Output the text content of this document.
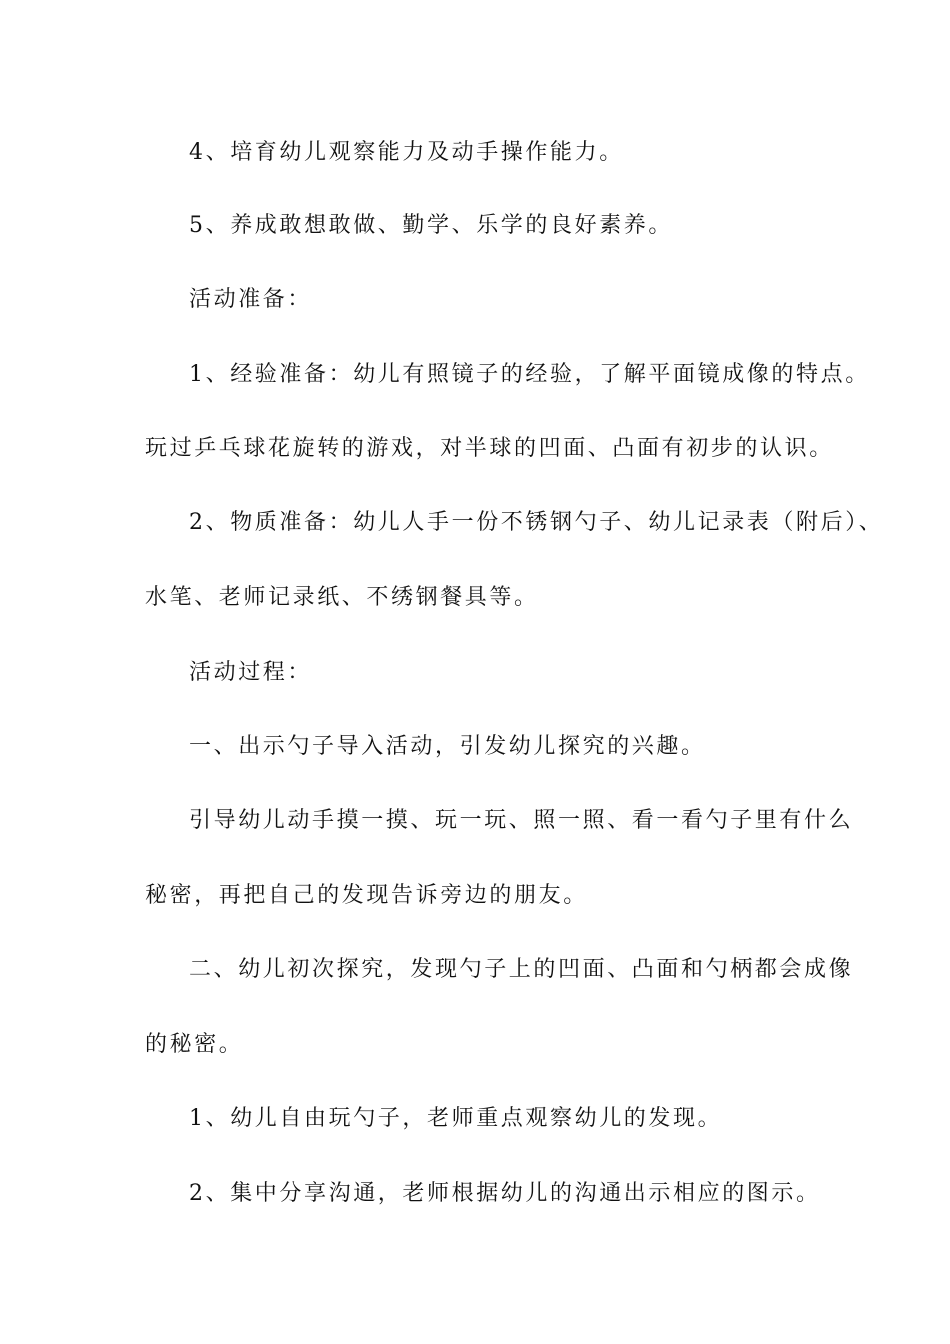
4、培育幼儿观察能力及动手操作能力。
5、养成敢想敢做、勤学、乐学的良好素养。
活动准备：
1、经验准备：幼儿有照镜子的经验，了解平面镜成像的特点。
玩过乒乓球花旋转的游戏，对半球的凹面、凸面有初步的认识。
2、物质准备：幼儿人手一份不锈钢勺子、幼儿记录表（附后）、
水笔、老师记录纸、不绣钢餐具等。
活动过程：
一、出示勺子导入活动，引发幼儿探究的兴趣。
引导幼儿动手摸一摸、玩一玩、照一照、看一看勺子里有什么
秘密，再把自己的发现告诉旁边的朋友。
二、幼儿初次探究，发现勺子上的凹面、凸面和勺柄都会成像
的秘密。
1、幼儿自由玩勺子，老师重点观察幼儿的发现。
2、集中分享沟通，老师根据幼儿的沟通出示相应的图示。
